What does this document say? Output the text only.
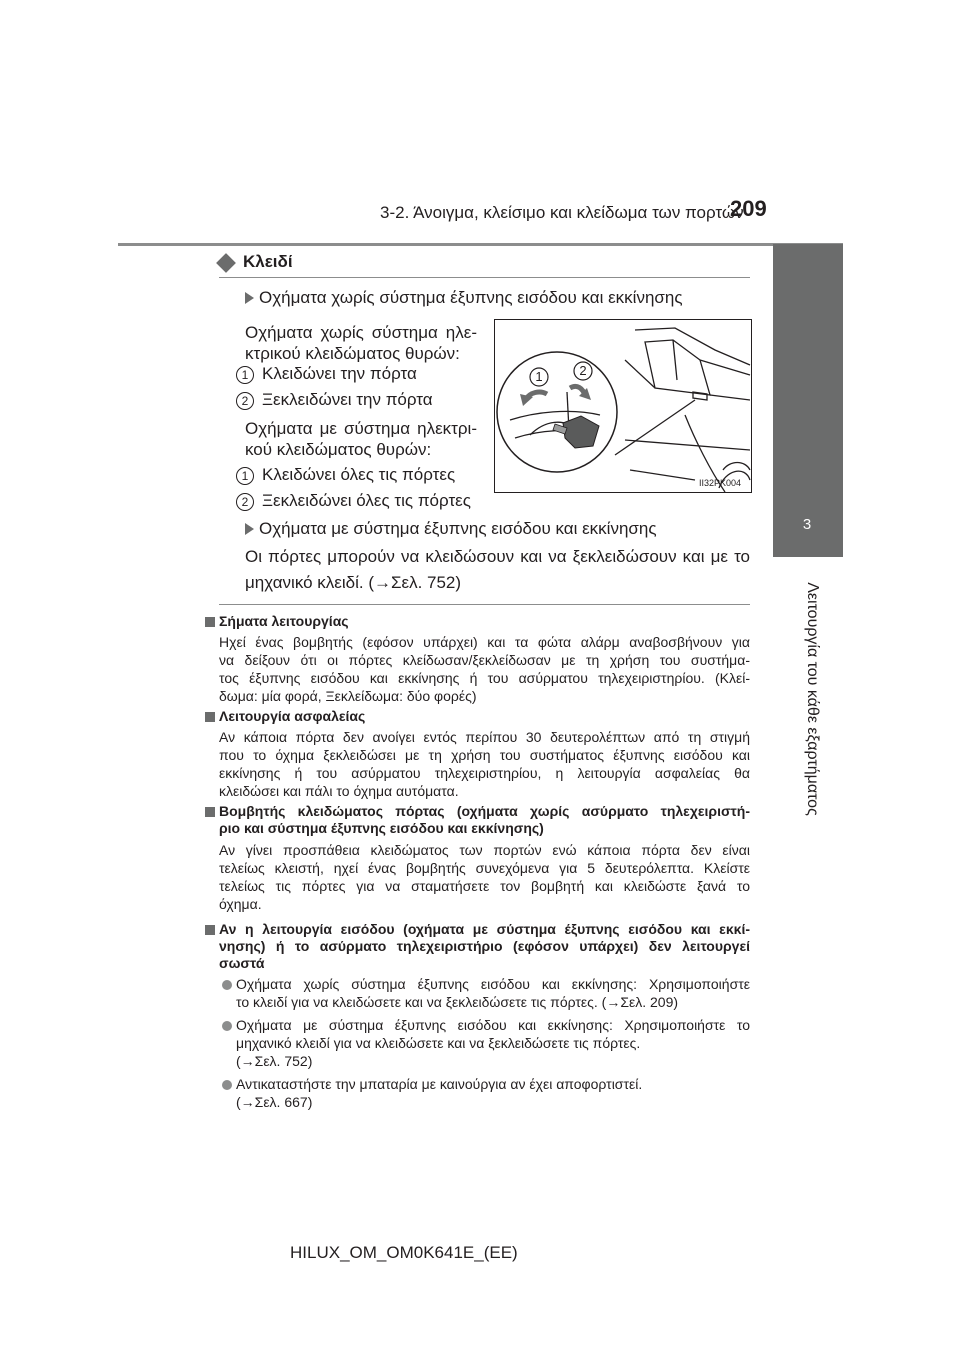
3-2. Άνοιγμα, κλείσιμο και κλείδωμα των πορτών
209
3
Λειτουργία του κάθε εξαρτήματος
Κλειδί
Οχήματα χωρίς σύστημα έξυπνης εισόδου και εκκίνησης
Οχήματα χωρίς σύστημα ηλε-
κτρικού κλειδώματος θυρών:
1 Κλειδώνει την πόρτα
2 Ξεκλειδώνει την πόρτα
Οχήματα με σύστημα ηλεκτρι-
κού κλειδώματος θυρών:
1 Κλειδώνει όλες τις πόρτες
2 Ξεκλειδώνει όλες τις πόρτες
Οχήματα με σύστημα έξυπνης εισόδου και εκκίνησης
Οι πόρτες μπορούν να κλειδώσουν και να ξεκλειδώσουν και με το
μηχανικό κλειδί. (→Σελ. 752)
1	2
II32PK004
Σήματα λειτουργίας
Ηχεί ένας βομβητής (εφόσον υπάρχει) και τα φώτα αλάρμ αναβοσβήνουν για
να δείξουν ότι οι πόρτες κλείδωσαν/ξεκλείδωσαν με τη χρήση του συστήμα-
τος έξυπνης εισόδου και εκκίνησης ή του ασύρματου τηλεχειριστηρίου. (Κλεί-
δωμα: μία φορά, Ξεκλείδωμα: δύο φορές)
Λειτουργία ασφαλείας
Αν κάποια πόρτα δεν ανοίγει εντός περίπου 30 δευτερολέπτων από τη στιγμή
που το όχημα ξεκλειδώσει με τη χρήση του συστήματος έξυπνης εισόδου και
εκκίνησης ή του ασύρματου τηλεχειριστηρίου, η λειτουργία ασφαλείας θα
κλειδώσει και πάλι το όχημα αυτόματα.
Βομβητής κλειδώματος πόρτας (οχήματα χωρίς ασύρματο τηλεχειριστή-
ριο και σύστημα έξυπνης εισόδου και εκκίνησης)
Αν γίνει προσπάθεια κλειδώματος των πορτών ενώ κάποια πόρτα δεν είναι
τελείως κλειστή, ηχεί ένας βομβητής συνεχόμενα για 5 δευτερόλεπτα. Κλείστε
τελείως τις πόρτες για να σταματήσετε τον βομβητή και κλειδώστε ξανά το
όχημα.
Αν η λειτουργία εισόδου (οχήματα με σύστημα έξυπνης εισόδου και εκκί-
νησης) ή το ασύρματο τηλεχειριστήριο (εφόσον υπάρχει) δεν λειτουργεί
σωστά
Οχήματα χωρίς σύστημα έξυπνης εισόδου και εκκίνησης: Χρησιμοποιήστε
το κλειδί για να κλειδώσετε και να ξεκλειδώσετε τις πόρτες. (→Σελ. 209)
Οχήματα με σύστημα έξυπνης εισόδου και εκκίνησης: Χρησιμοποιήστε το
μηχανικό κλειδί για να κλειδώσετε και να ξεκλειδώσετε τις πόρτες.
(→Σελ. 752)
Αντικαταστήστε την μπαταρία με καινούργια αν έχει αποφορτιστεί.
(→Σελ. 667)
HILUX_OM_OM0K641E_(EE)
